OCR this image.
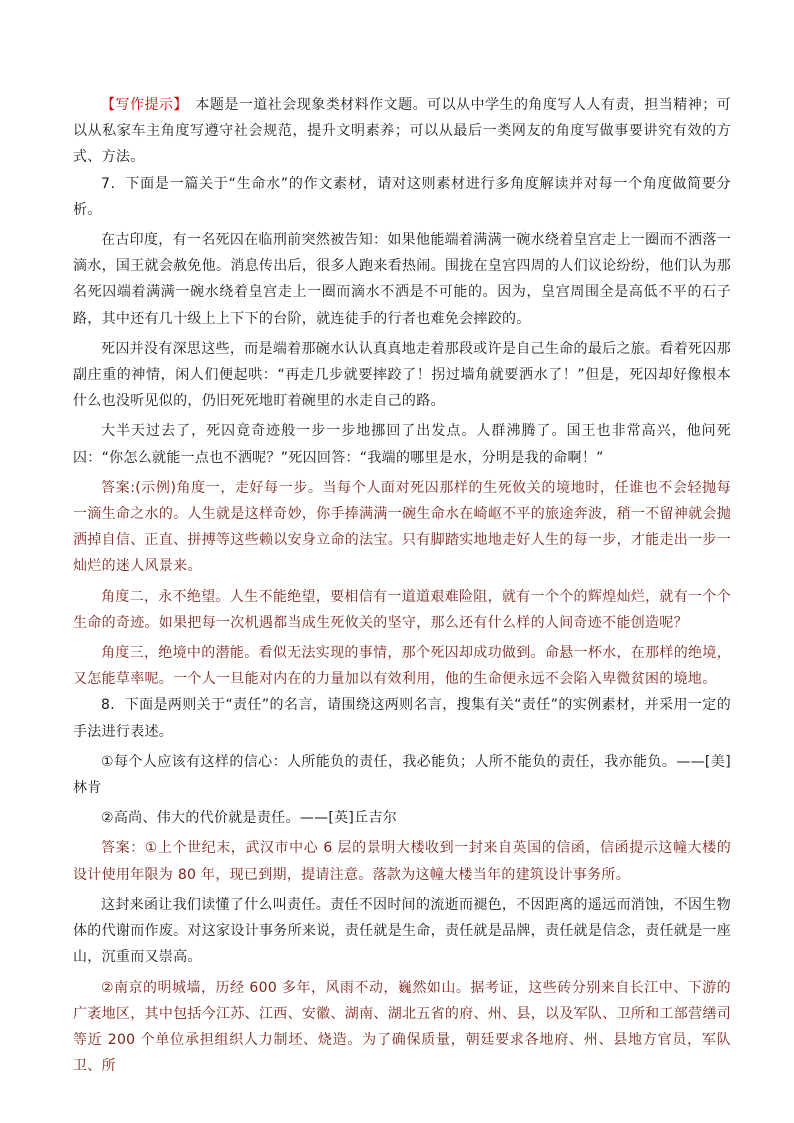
【写作提示】　本题是一道社会现象类材料作文题。可以从中学生的角度写人人有责，担当精神；可以从私家车主角度写遵守社会规范，提升文明素养；可以从最后一类网友的角度写做事要讲究有效的方式、方法。

7．下面是一篇关于“生命水”的作文素材，请对这则素材进行多角度解读并对每一个角度做简要分析。

在古印度，有一名死囚在临刑前突然被告知：如果他能端着满满一碗水绕着皇宫走上一圈而不洒落一滴水，国王就会赦免他。消息传出后，很多人跑来看热闹。围拢在皇宫四周的人们议论纷纷，他们认为那名死囚端着满满一碗水绕着皇宫走上一圈而滴水不洒是不可能的。因为，皇宫周围全是高低不平的石子路，其中还有几十级上上下下的台阶，就连徒手的行者也难免会摔跤的。

死囚并没有深思这些，而是端着那碗水认认真真地走着那段或许是自己生命的最后之旅。看着死囚那副庄重的神情，闲人们便起哄：“再走几步就要摔跤了！拐过墙角就要洒水了！”但是，死囚却好像根本什么也没听见似的，仍旧死死地盯着碗里的水走自己的路。

大半天过去了，死囚竟奇迹般一步一步地挪回了出发点。人群沸腾了。国王也非常高兴，他问死囚：“你怎么就能一点也不洒呢？”死囚回答：“我端的哪里是水，分明是我的命啊！”

答案:(示例)角度一，走好每一步。当每个人面对死囚那样的生死攸关的境地时，任谁也不会轻抛每一滴生命之水的。人生就是这样奇妙，你手捧满满一碗生命水在崎岖不平的旅途奔波，稍一不留神就会抛洒掉自信、正直、拼搏等这些赖以安身立命的法宝。只有脚踏实地地走好人生的每一步，才能走出一步一灿烂的迷人风景来。

角度二，永不绝望。人生不能绝望，要相信有一道道艰难险阻，就有一个个的辉煌灿烂，就有一个个生命的奇迹。如果把每一次机遇都当成生死攸关的坚守，那么还有什么样的人间奇迹不能创造呢？

角度三，绝境中的潜能。看似无法实现的事情，那个死囚却成功做到。命悬一杯水，在那样的绝境，又怎能草率呢。一个人一旦能对内在的力量加以有效利用，他的生命便永远不会陷入卑微贫困的境地。

8．下面是两则关于“责任”的名言，请围绕这两则名言，搜集有关“责任”的实例素材，并采用一定的手法进行表述。

①每个人应该有这样的信心：人所能负的责任，我必能负；人所不能负的责任，我亦能负。——[美]林肯

②高尚、伟大的代价就是责任。——[英]丘吉尔

答案：①上个世纪末，武汉市中心 6 层的景明大楼收到一封来自英国的信函，信函提示这幢大楼的设计使用年限为 80 年，现已到期，提请注意。落款为这幢大楼当年的建筑设计事务所。

这封来函让我们读懂了什么叫责任。责任不因时间的流逝而褪色，不因距离的遥远而消蚀，不因生物体的代谢而作废。对这家设计事务所来说，责任就是生命，责任就是品牌，责任就是信念，责任就是一座山，沉重而又崇高。

②南京的明城墙，历经 600 多年，风雨不动，巍然如山。据考证，这些砖分别来自长江中、下游的广袤地区，其中包括今江苏、江西、安徽、湖南、湖北五省的府、州、县，以及军队、卫所和工部营缮司等近 200 个单位承担组织人力制坯、烧造。为了确保质量，朝廷要求各地府、州、县地方官员，军队卫、所
